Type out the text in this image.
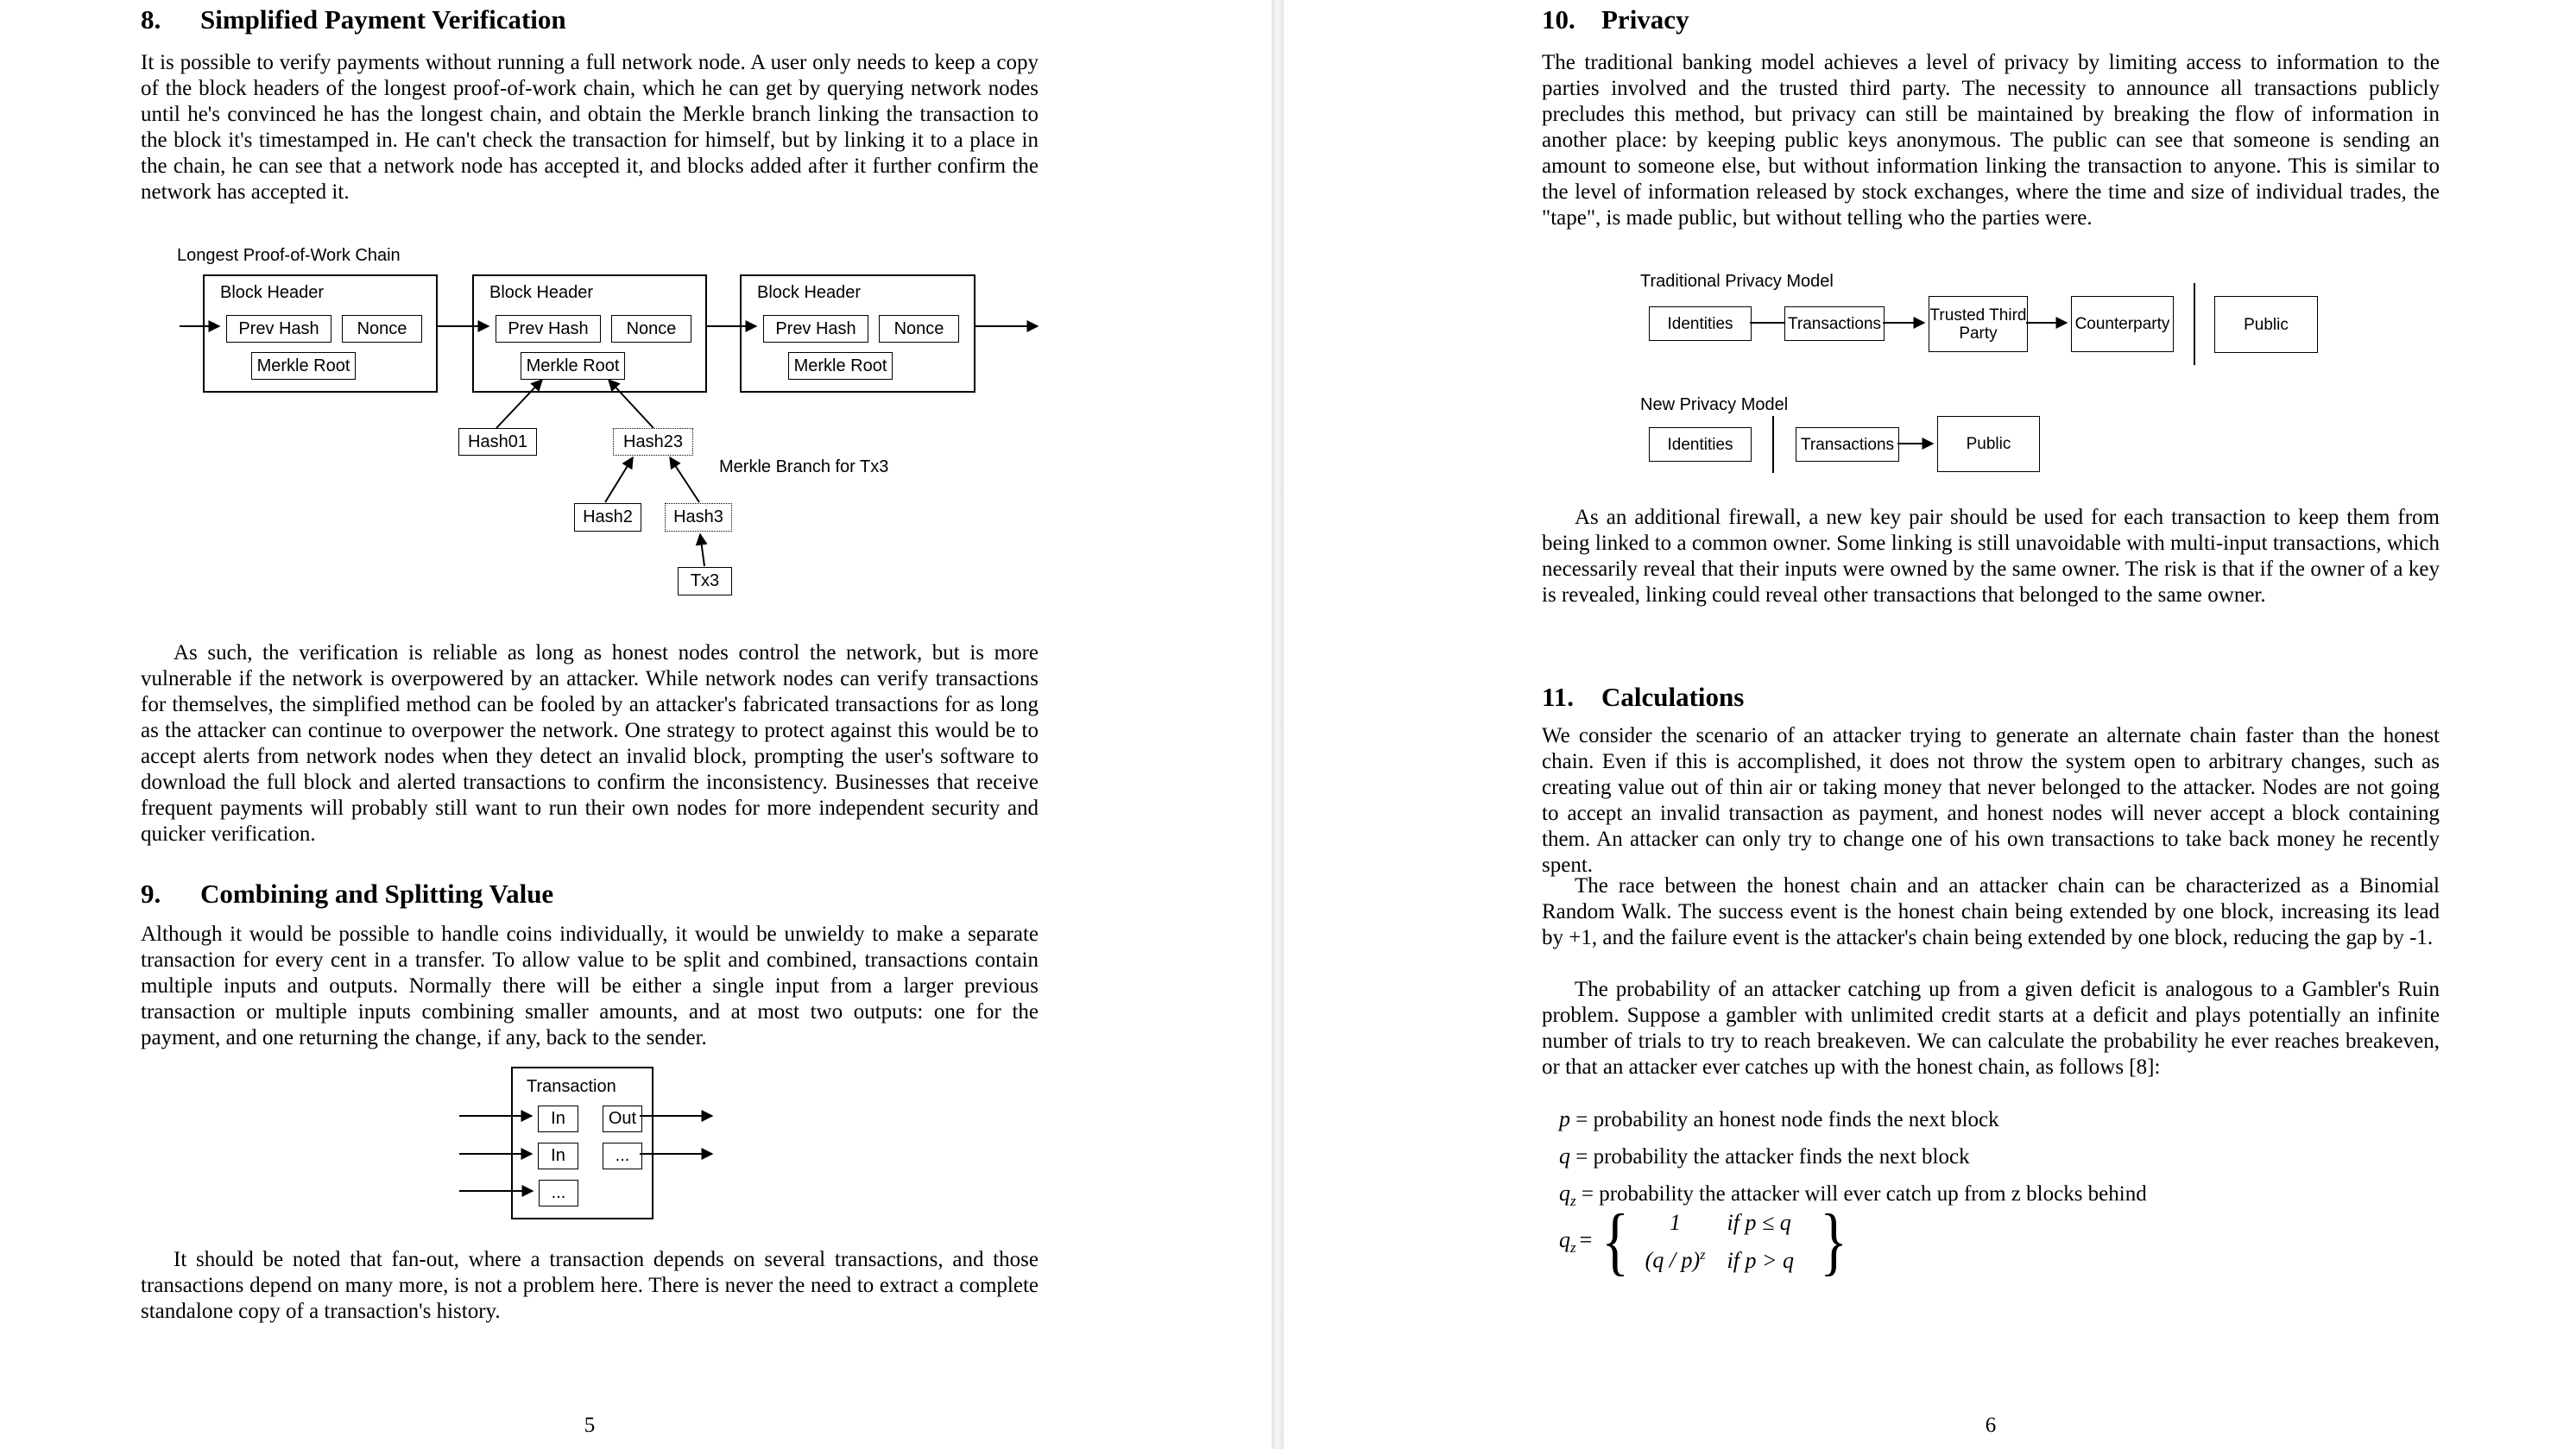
8. Simplified Payment Verification

It is possible to verify payments without running a full network node. A user only needs to keep a copy of the block headers of the longest proof-of-work chain, which he can get by querying network nodes until he's convinced he has the longest chain, and obtain the Merkle branch linking the transaction to the block it's timestamped in. He can't check the transaction for himself, but by linking it to a place in the chain, he can see that a network node has accepted it, and blocks added after it further confirm the network has accepted it.

Longest Proof-of-Work Chain
Block Header
Prev Hash	Nonce
Merkle Root
Block Header
Prev Hash	Nonce
Merkle Root
Block Header
Prev Hash	Nonce
Merkle Root
Hash01	Hash23
Merkle Branch for Tx3
Hash2	Hash3
Tx3

As such, the verification is reliable as long as honest nodes control the network, but is more vulnerable if the network is overpowered by an attacker. While network nodes can verify transactions for themselves, the simplified method can be fooled by an attacker's fabricated transactions for as long as the attacker can continue to overpower the network. One strategy to protect against this would be to accept alerts from network nodes when they detect an invalid block, prompting the user's software to download the full block and alerted transactions to confirm the inconsistency. Businesses that receive frequent payments will probably still want to run their own nodes for more independent security and quicker verification.

9. Combining and Splitting Value

Although it would be possible to handle coins individually, it would be unwieldy to make a separate transaction for every cent in a transfer. To allow value to be split and combined, transactions contain multiple inputs and outputs. Normally there will be either a single input from a larger previous transaction or multiple inputs combining smaller amounts, and at most two outputs: one for the payment, and one returning the change, if any, back to the sender.

Transaction
In	Out
In	...
...

It should be noted that fan-out, where a transaction depends on several transactions, and those transactions depend on many more, is not a problem here. There is never the need to extract a complete standalone copy of a transaction's history.

5
10. Privacy

The traditional banking model achieves a level of privacy by limiting access to information to the parties involved and the trusted third party. The necessity to announce all transactions publicly precludes this method, but privacy can still be maintained by breaking the flow of information in another place: by keeping public keys anonymous. The public can see that someone is sending an amount to someone else, but without information linking the transaction to anyone. This is similar to the level of information released by stock exchanges, where the time and size of individual trades, the "tape", is made public, but without telling who the parties were.

Traditional Privacy Model
Identities	Transactions	Trusted Third Party	Counterparty	Public
New Privacy Model
Identities	Transactions	Public

As an additional firewall, a new key pair should be used for each transaction to keep them from being linked to a common owner. Some linking is still unavoidable with multi-input transactions, which necessarily reveal that their inputs were owned by the same owner. The risk is that if the owner of a key is revealed, linking could reveal other transactions that belonged to the same owner.

11. Calculations

We consider the scenario of an attacker trying to generate an alternate chain faster than the honest chain. Even if this is accomplished, it does not throw the system open to arbitrary changes, such as creating value out of thin air or taking money that never belonged to the attacker. Nodes are not going to accept an invalid transaction as payment, and honest nodes will never accept a block containing them. An attacker can only try to change one of his own transactions to take back money he recently spent.

The race between the honest chain and an attacker chain can be characterized as a Binomial Random Walk. The success event is the honest chain being extended by one block, increasing its lead by +1, and the failure event is the attacker's chain being extended by one block, reducing the gap by -1.

The probability of an attacker catching up from a given deficit is analogous to a Gambler's Ruin problem. Suppose a gambler with unlimited credit starts at a deficit and plays potentially an infinite number of trials to try to reach breakeven. We can calculate the probability he ever reaches breakeven, or that an attacker ever catches up with the honest chain, as follows [8]:

p = probability an honest node finds the next block
q = probability the attacker finds the next block
$q_z$ = probability the attacker will ever catch up from z blocks behind
$q_z$ = {	1 if p ≤ q
(q / p)$^z$ if p > q }
6
